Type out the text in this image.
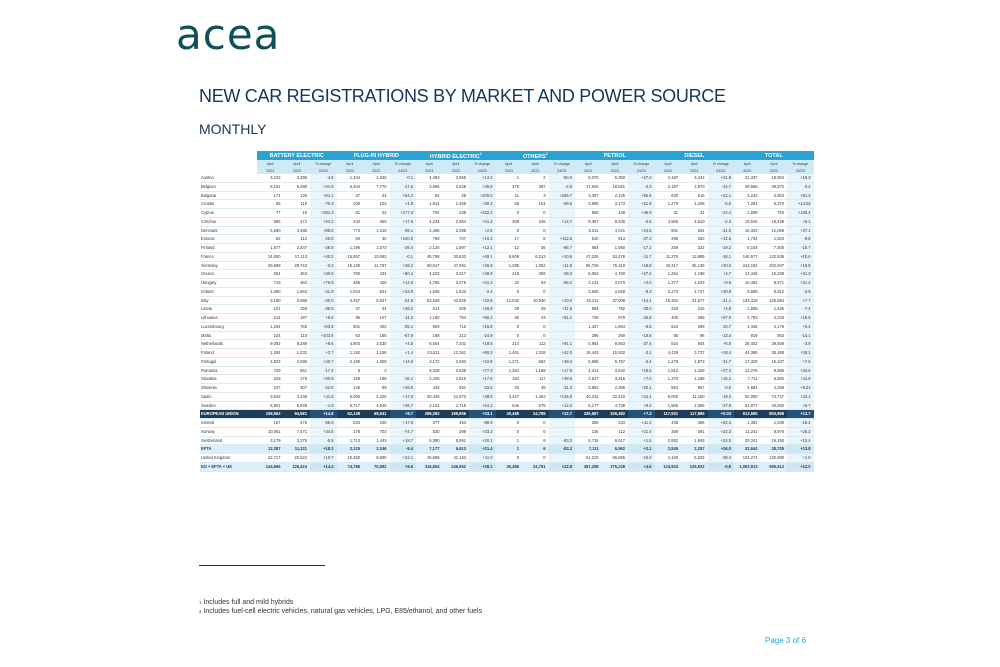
acea
NEW CAR REGISTRATIONS BY MARKET AND POWER SOURCE
MONTHLY
	BATTERY ELECTRIC			PLUG-IN HYBRID			HYBRID ELECTRIC$^1$			OTHERS$^2$			PETROL			DIESEL			TOTAL		
	April	April	% change	April	April	% change	April	April	% change	April	April	% change	April	April	% change	April	April	% change	April	April	% change
	2024	2023	24/23	2024	2023	24/23	2024	2023	24/23	2024	2023	24/23	2024	2023	24/23	2024	2023	24/23	2024	2023	24/23
Austria	3,232	3,395	-4.8	1,344	1,345	-0.1	4,493	3,965	+13.3	1	2	-50.0	8,070	6,350	+27.0	4,197	3,442	+21.9	21,337	18,504	+15.3
Belgium	8,161	6,480	+41.9	6,404	7,770	-17.6	3,595	2,648	+35.8	379	397	-4.5	17,940	18,551	-3.3	2,197	3,970	-44.7	39,669	39,872	-0.4
Bulgaria	174	136	+61.1	37	24	+54.2	84	28	+200.0	11	3	+266.7	3,307	2,125	+55.6	630	516	+22.1	4,243	2,804	+51.3
Croatia	55	116	-70.3	100	103	+1.9	1,914	1,468	+30.3	65	161	-59.6	3,895	3,173	+21.8	1,279	1,348	-5.0	7,284	6,370	+14.03
Cyprus	77	16	+381.3	61	22	+177.3	794	238	+232.2	0	0		655	448	+46.9	31	41	-24.4	1,699	763	+105.4
Czechia	595	472	+24.2	434	369	+17.6	4,234	2,964	+41.4	369	346	+14.7	9,387	9,636	-2.6	4,506	4,610	-2.3	19,546	18,439	+6.1
Denmark	6,580	3,485	+88.8	773	1,516	-49.1	2,458	2,398	+2.5	0	0		5,011	4,041	+24.5	501	634	-21.0	15,323	12,058	+27.1
Estonia	82	112	-26.8	60	30	+100.0	760	707	+10.3	17	8	+112.5	510	813	-37.3	285	253	+12.6	1,734	1,923	-9.8
Finland	1,677	2,347	-28.5	1,196	1,673	-28.4	2,126	1,897	+12.1	12	36	-66.7	884	1,050	-17.1	259	322	-19.2	6,154	7,305	-15.7
France	24,650	17,113	+40.2	16,867	10,692	-0.1	45,798	30,633	+49.1	6,609	6,213	+10.6	47,245	53,476	-11.7	11,378	13,885	-18.1	146,577	132,536	+10.6
Germany	29,668	29,743	-0.2	15,130	11,797	+28.4	60,547	47,981	+25.9	1,285	1,062	+11.5	96,729	76,319	+18.8	40,317	36,136	+20.2	243,182	202,947	+19.8
Greece	604	463	+30.5	780	434	+80.4	4,523	3,017	+49.9	215	359	-39.3	6,063	4,760	+27.2	1,254	1,198	+4.7	13,445	10,239	+31.3
Hungary	719	482	+76.9	486	426	+14.6	4,765	3,375	+41.2	22	63	-65.2	3,131	3,070	+2.0	1,277	1,233	+3.6	10,462	8,571	+21.4
Ireland	1,080	1,863	-41.9	1,043	841	+23.9	1,536	1,543	-2.4	0	0		2,606	2,628	-8.3	2,273	1,737	+30.9	8,565	8,912	-3.9
Italy	3,190	3,986	-20.0	4,467	5,947	-24.9	53,528	43,605	+22.8	12,032	10,940	+10.0	42,211	37,008	+14.1	18,302	24,577	-21.1	133,319	125,884	+7.7
Latvia	101	159	-36.5	47	34	+38.2	514	405	+26.9	29	29	+11.5	584	792	-25.0	220	215	+4.8	1,505	1,626	-7.4
Lithuania	214	197	+8.6	95	107	-11.2	1,160	754	+55.2	60	43	+51.1	726	979	-25.8	405	258	+57.0	2,783	2,340	+18.5
Luxembourg	1,254	765	+63.9	501	402	-25.1	829	716	+15.8	0	0		1,437	1,564	-8.8	624	698	-10.7	4,445	4,176	+6.4
Malta	224	110	+103.6	53	165	-67.9	168	213	-24.9	0	0		296	369	-19.8	85	96	-13.4	819	953	-14.1
Netherlands	9,092	8,289	+9.6	4,904	3,630	+4.5	8,604	7,201	+19.5	214	112	+91.1	5,984	9,553	-37.4	534	504	+6.0	28,402	29,559	-3.9
Poland	1,284	1,231	+2.7	1,192	1,158	+1.4	23,611	12,361	+86.3	1,461	1,029	+42.0	15,442	15,932	-3.1	4,428	3,737	+18.4	44,365	35,488	+25.1
Portugal	2,823	2,086	+40.7	2,180	1,808	+14.6	3,172	2,583	+22.8	1,271	682	+39.4	6,595	6,757	-2.4	1,279	1,873	-31.7	17,329	16,107	+7.6
Romania	729	661	-17.4	5	3		5,328	2,638	+77.3	1,384	1,189	+17.5	4,314	3,642	+18.5	1,912	1,328	+37.3	13,276	9,865	+34.6
Slovakia	229	175	+30.9	158	188	-15.1	2,345	1,910	+17.5	182	117	+38.5	3,547	3,315	+7.0	1,370	1,188	+15.2	7,711	6,892	+11.9
Slovenia	237	307	-22.8	145	99	+46.5	433	651	-33.5	33	48	-31.3	2,863	2,386	+20.1	853	867	-0.5	4,694	4,338	+8.21
Spain	3,842	3,436	+11.8	5,060	4,326	+17.0	30,439	21,973	+38.5	3,427	1,452	+136.0	40,232	32,410	+24.1	9,000	11,150	-19.3	92,000	74,747	+23.1
Sweden	6,901	6,928	-1.8	5,717	4,546	+25.7	2,131	1,718	+24.2	645	575	+12.2	5,177	4,739	+9.2	1,506	2,085	-27.8	21,977	20,592	+6.7
EUROPEAN UNION	108,562	94,581	+14.8	62,148	69,641	+8.7	286,392	199,906	+33.1	30,485	24,785	+22.7	326,867	326,482	+7.3	117,931	117,896	+0.03	913,595	803,868	+13.7
Iceland	157	475	-66.9	234	200	+17.0	377	453	-99.9	0	0		259	233	+11.2	435	396	+62.3	1,362	1,639	-16.4
Norway	10,051	7,471	+34.5	178	703	-74.7	530	398	+33.3	0	0		136	112	+21.4	358	391	+22.3	11,241	8,876	+25.2
Switzerland	3,179	3,375	-5.8	1,713	1,443	+18.7	6,390	5,991	+20.1	1	6	-83.3	6,716	6,617	+1.5	2,552	1,848	+24.5	20,341	19,150	+10.4
EFTA	13,387	11,321	+18.2	2,125	2,346	-9.4	7,177	6,913	+21.4	1	6	-83.3	7,111	6,962	+2.1	2,845	2,257	+26.0	32,644	28,705	+13.8
United Kingdom	22,717	20,522	+10.7	10,450	8,590	+22.1	45,658	41,163	+11.0	0	0		51,210	56,885	-10.0	4,169	5,825	-28.4	134,274	132,980	+1.0
EU + EFTA + UK	144,666	126,424	+14.4	74,786	70,682	+6.6	316,854	246,962	+28.1	30,486	24,791	+22.8	387,298	375,228	+4.6	124,943	125,922	-0.8	1,083,913	966,512	+12.0
$^1$ Includes full and mild hybrids
$^2$ Includes fuel-cell electric vehicles, natural gas vehicles, LPG, E85/ethanol, and other fuels
Page 3 of 6
